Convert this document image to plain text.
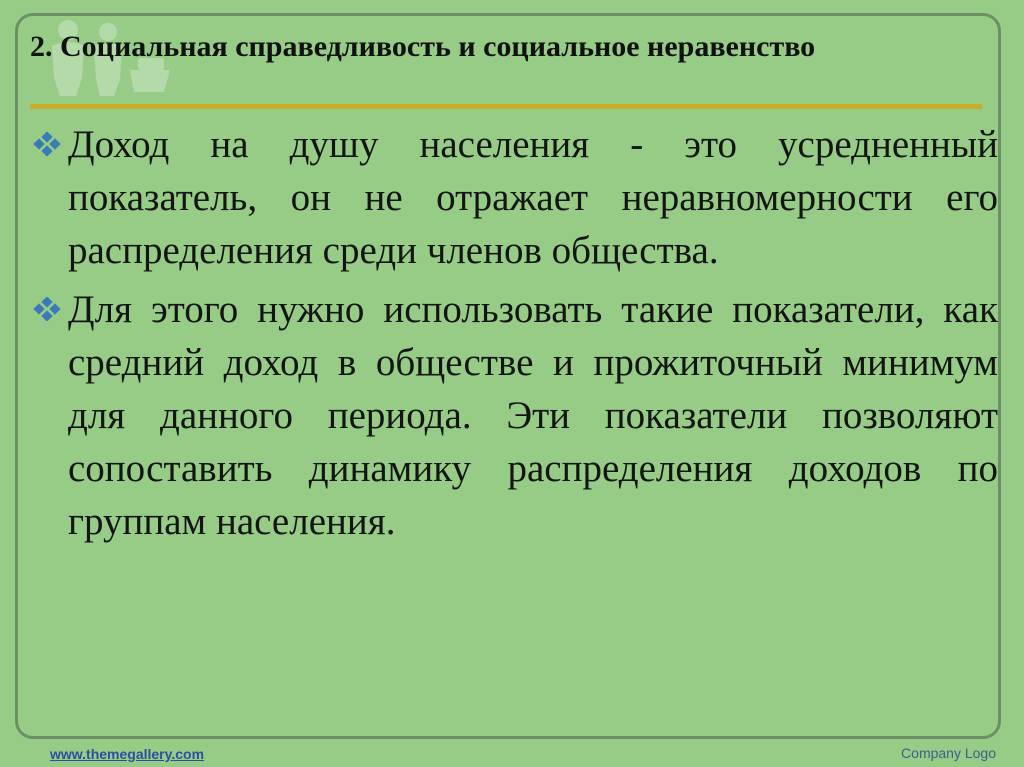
2. Социальная справедливость и социальное неравенство

Доход на душу населения - это усредненный показатель, он не отражает неравномерности его распределения среди членов общества.

Для этого нужно использовать такие показатели, как средний доход в обществе и прожиточный минимум для данного периода. Эти показатели позволяют сопоставить динамику распределения доходов по группам населения.

www.themegallery.com	Company Logo
